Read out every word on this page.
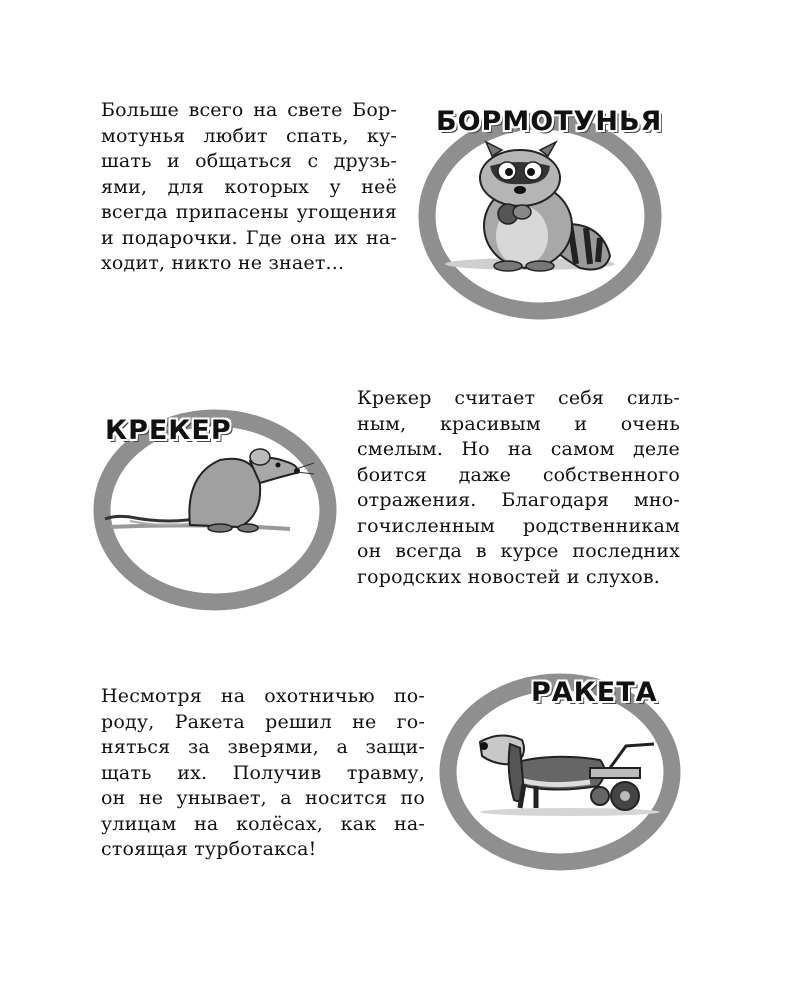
Больше всего на свете Бор-
мотунья любит спать, ку-
шать и общаться с друзь-
ями, для которых у неё
всегда припасены угощения
и подарочки. Где она их на-
ходит, никто не знает...
БОРМОТУНЬЯ
КРЕКЕР
Крекер считает себя силь-
ным, красивым и очень
смелым. Но на самом деле
боится даже собственного
отражения. Благодаря мно-
гочисленным родственникам
он всегда в курсе последних
городских новостей и слухов.
Несмотря на охотничью по-
роду, Ракета решил не го-
няться за зверями, а защи-
щать их. Получив травму,
он не унывает, а носится по
улицам на колёсах, как на-
стоящая турботакса!
РАКЕТА
